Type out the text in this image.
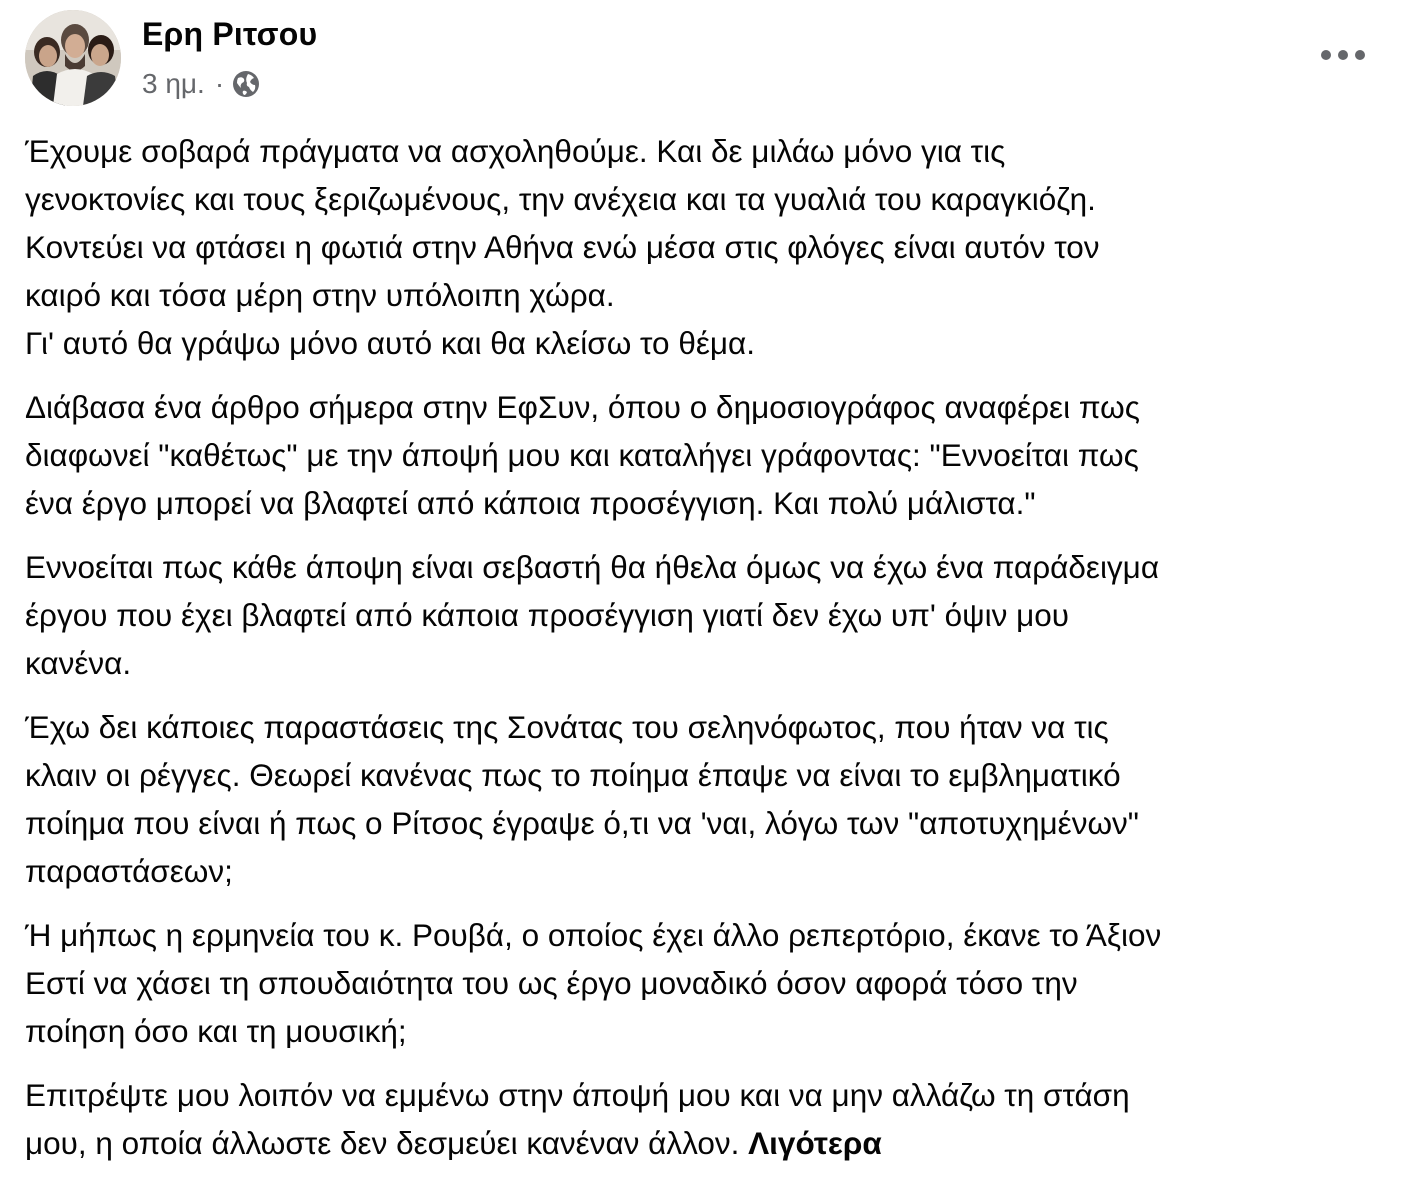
Ερη Ριτσου
3 ημ. ·

Έχουμε σοβαρά πράγματα να ασχοληθούμε. Και δε μιλάω μόνο για τις
γενοκτονίες και τους ξεριζωμένους, την ανέχεια και τα γυαλιά του καραγκιόζη.
Κοντεύει να φτάσει η φωτιά στην Αθήνα ενώ μέσα στις φλόγες είναι αυτόν τον
καιρό και τόσα μέρη στην υπόλοιπη χώρα.
Γι' αυτό θα γράψω μόνο αυτό και θα κλείσω το θέμα.

Διάβασα ένα άρθρο σήμερα στην ΕφΣυν, όπου ο δημοσιογράφος αναφέρει πως
διαφωνεί "καθέτως" με την άποψή μου και καταλήγει γράφοντας: "Εννοείται πως
ένα έργο μπορεί να βλαφτεί από κάποια προσέγγιση. Και πολύ μάλιστα."

Εννοείται πως κάθε άποψη είναι σεβαστή θα ήθελα όμως να έχω ένα παράδειγμα
έργου που έχει βλαφτεί από κάποια προσέγγιση γιατί δεν έχω υπ' όψιν μου
κανένα.

Έχω δει κάποιες παραστάσεις της Σονάτας του σεληνόφωτος, που ήταν να τις
κλαιν οι ρέγγες. Θεωρεί κανένας πως το ποίημα έπαψε να είναι το εμβληματικό
ποίημα που είναι ή πως ο Ρίτσος έγραψε ό,τι να 'ναι, λόγω των "αποτυχημένων"
παραστάσεων;

Ή μήπως η ερμηνεία του κ. Ρουβά, ο οποίος έχει άλλο ρεπερτόριο, έκανε το Άξιον
Εστί να χάσει τη σπουδαιότητα του ως έργο μοναδικό όσον αφορά τόσο την
ποίηση όσο και τη μουσική;

Επιτρέψτε μου λοιπόν να εμμένω στην άποψή μου και να μην αλλάζω τη στάση
μου, η οποία άλλωστε δεν δεσμεύει κανέναν άλλον. Λιγότερα
